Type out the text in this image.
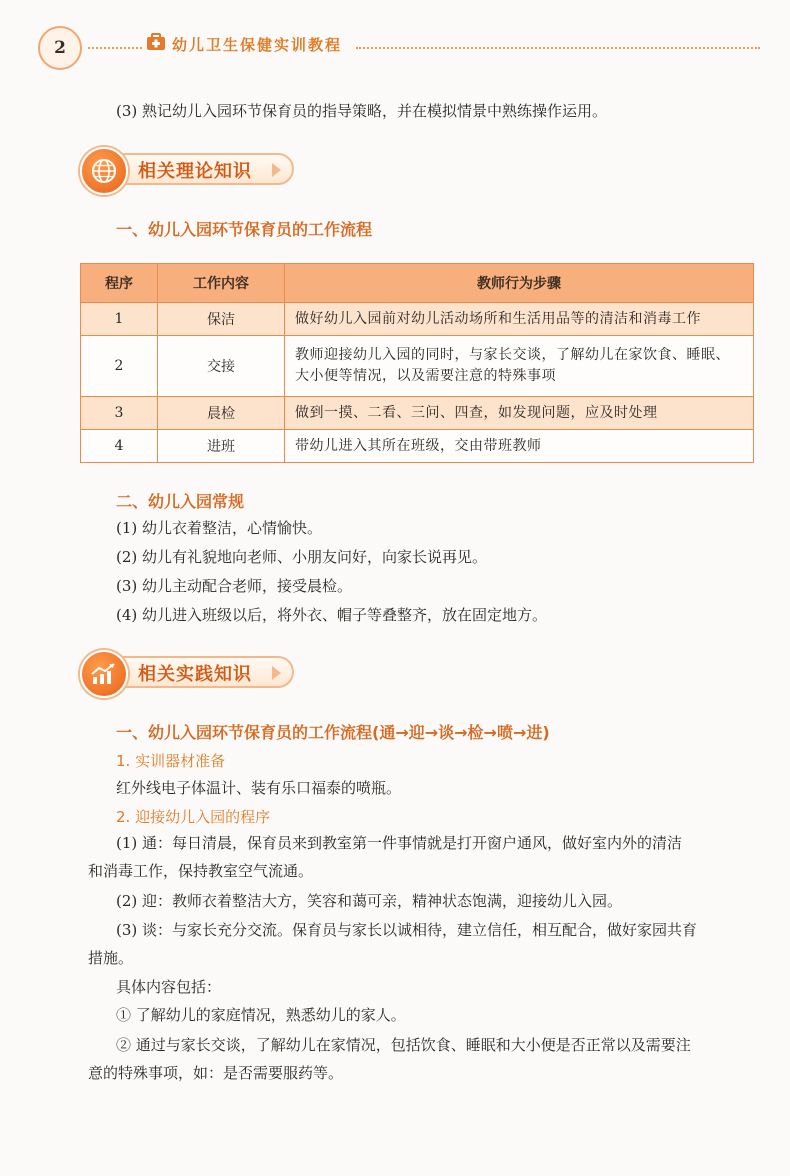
2	幼儿卫生保健实训教程
(3) 熟记幼儿入园环节保育员的指导策略，并在模拟情景中熟练操作运用。
相关理论知识
一、幼儿入园环节保育员的工作流程
程序	工作内容	教师行为步骤
1	保洁	做好幼儿入园前对幼儿活动场所和生活用品等的清洁和消毒工作
2	交接	教师迎接幼儿入园的同时，与家长交谈，了解幼儿在家饮食、睡眠、
大小便等情况，以及需要注意的特殊事项

3	晨检	做到一摸、二看、三问、四查，如发现问题，应及时处理
4	进班	带幼儿进入其所在班级，交由带班教师
二、幼儿入园常规
(1) 幼儿衣着整洁，心情愉快。
(2) 幼儿有礼貌地向老师、小朋友问好，向家长说再见。
(3) 幼儿主动配合老师，接受晨检。
(4) 幼儿进入班级以后，将外衣、帽子等叠整齐，放在固定地方。
相关实践知识
一、幼儿入园环节保育员的工作流程(通→迎→谈→检→喷→进)
1. 实训器材准备
红外线电子体温计、装有乐口福泰的喷瓶。
2. 迎接幼儿入园的程序
(1) 通：每日清晨，保育员来到教室第一件事情就是打开窗户通风，做好室内外的清洁
和消毒工作，保持教室空气流通。
(2) 迎：教师衣着整洁大方，笑容和蔼可亲，精神状态饱满，迎接幼儿入园。
(3) 谈：与家长充分交流。保育员与家长以诚相待，建立信任，相互配合，做好家园共育
措施。
具体内容包括：
① 了解幼儿的家庭情况，熟悉幼儿的家人。
② 通过与家长交谈，了解幼儿在家情况，包括饮食、睡眠和大小便是否正常以及需要注
意的特殊事项，如：是否需要服药等。
